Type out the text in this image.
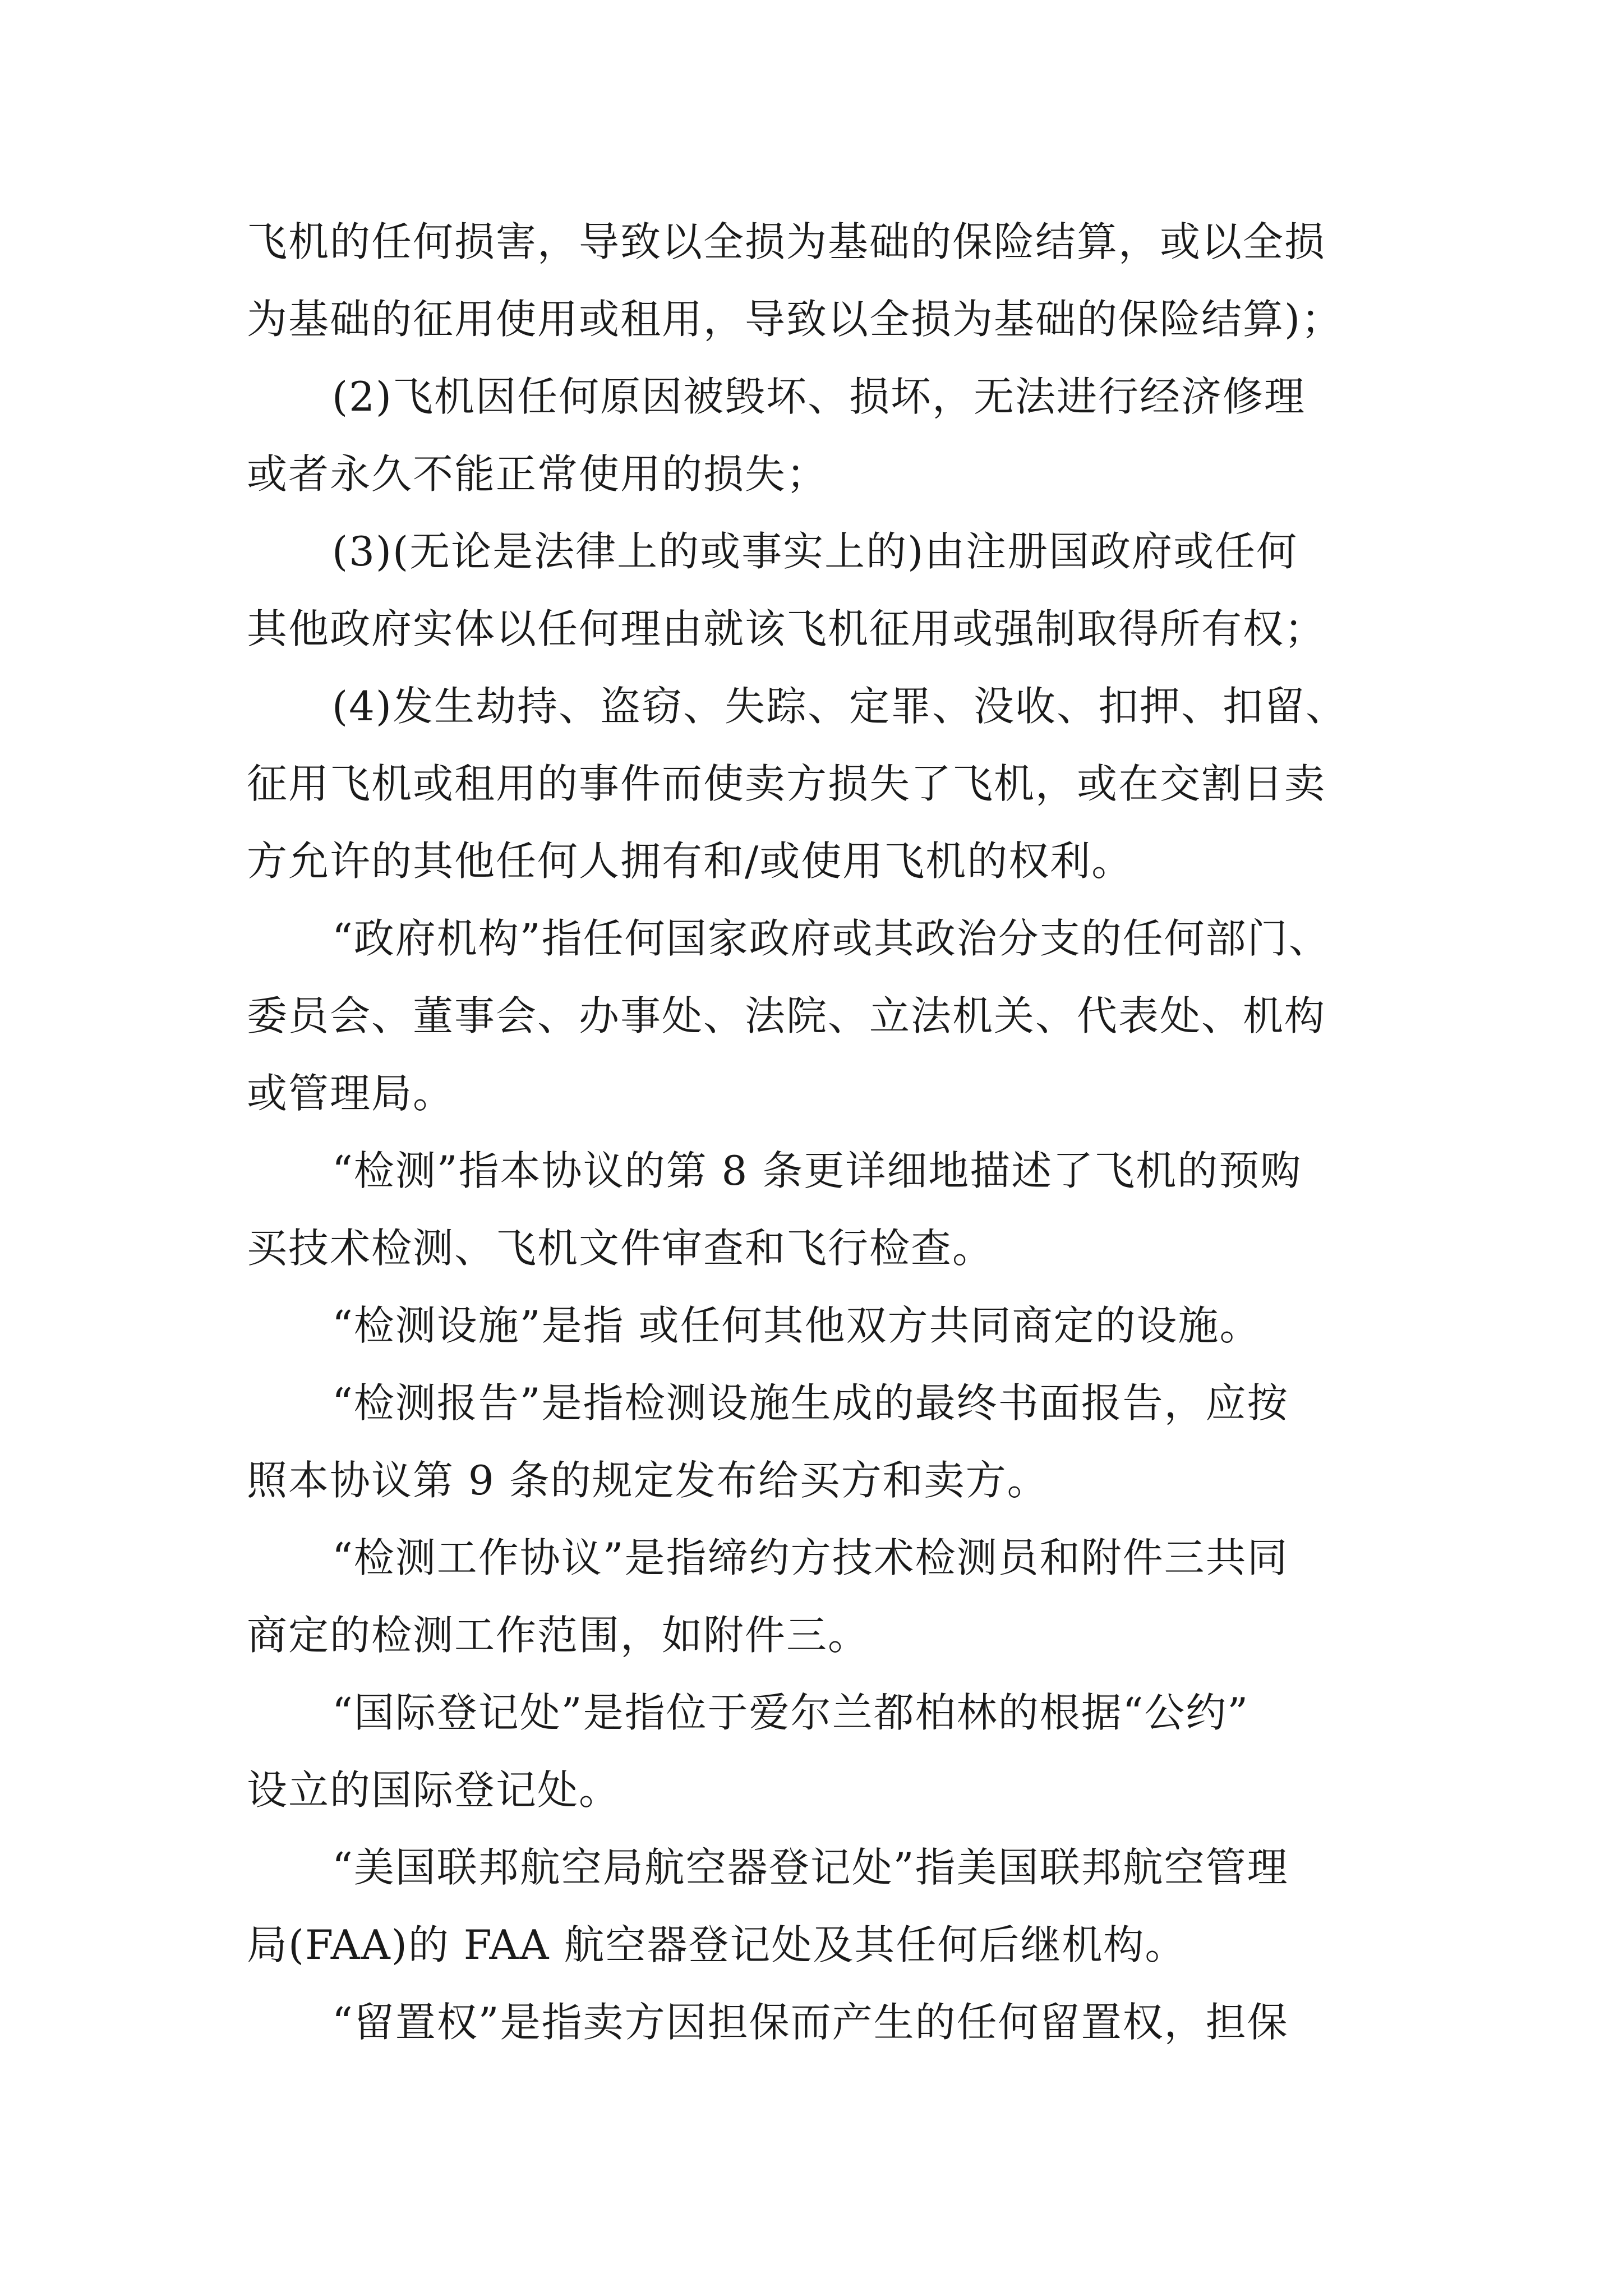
飞机的任何损害，导致以全损为基础的保险结算，或以全损
为基础的征用使用或租用，导致以全损为基础的保险结算)；
(2)飞机因任何原因被毁坏、损坏，无法进行经济修理
或者永久不能正常使用的损失；
(3)(无论是法律上的或事实上的)由注册国政府或任何
其他政府实体以任何理由就该飞机征用或强制取得所有权；
(4)发生劫持、盗窃、失踪、定罪、没收、扣押、扣留、
征用飞机或租用的事件而使卖方损失了飞机，或在交割日卖
方允许的其他任何人拥有和/或使用飞机的权利。
“政府机构”指任何国家政府或其政治分支的任何部门、
委员会、董事会、办事处、法院、立法机关、代表处、机构
或管理局。
“检测”指本协议的第 8 条更详细地描述了飞机的预购
买技术检测、飞机文件审查和飞行检查。
“检测设施”是指 或任何其他双方共同商定的设施。
“检测报告”是指检测设施生成的最终书面报告，应按
照本协议第 9 条的规定发布给买方和卖方。
“检测工作协议”是指缔约方技术检测员和附件三共同
商定的检测工作范围，如附件三。
“国际登记处”是指位于爱尔兰都柏林的根据“公约”
设立的国际登记处。
“美国联邦航空局航空器登记处”指美国联邦航空管理
局(FAA)的 FAA 航空器登记处及其任何后继机构。
“留置权”是指卖方因担保而产生的任何留置权，担保
